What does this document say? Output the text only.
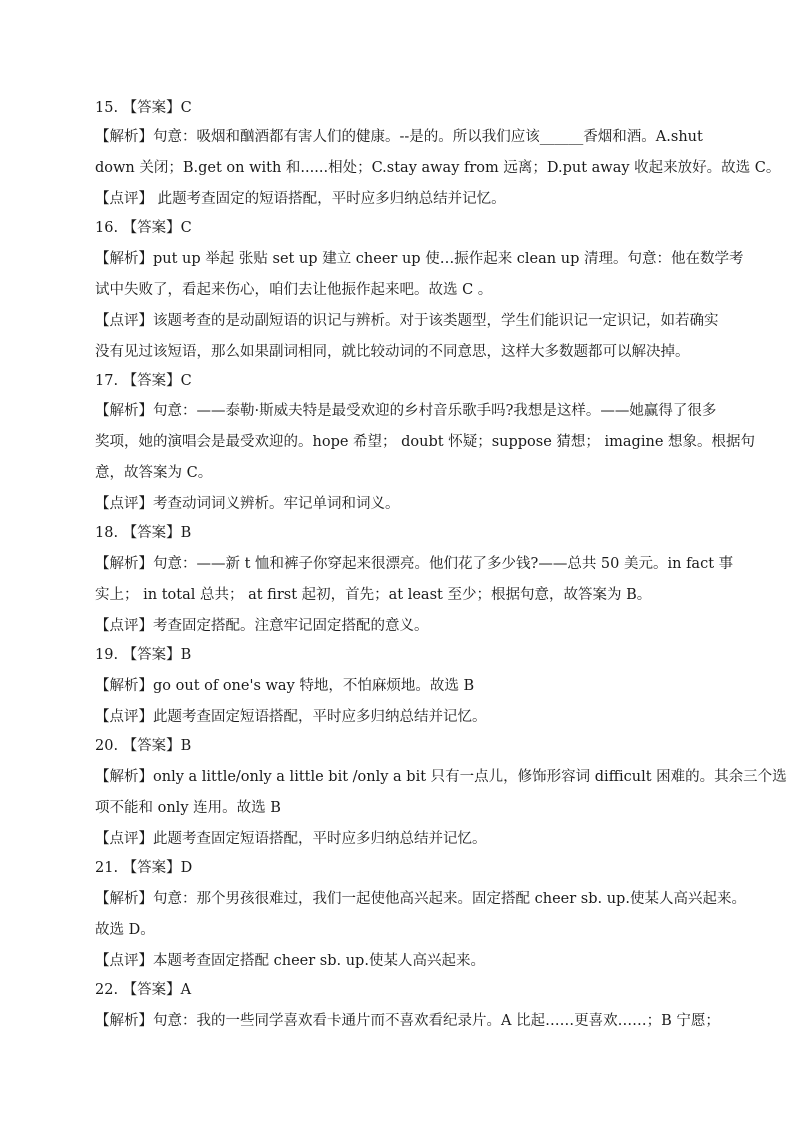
15. 【答案】C
【解析】句意：吸烟和酗酒都有害人们的健康。--是的。所以我们应该______香烟和酒。A.shut
down 关闭；B.get on with 和......相处；C.stay away from 远离；D.put away 收起来放好。故选 C。
【点评】 此题考查固定的短语搭配，平时应多归纳总结并记忆。
16. 【答案】C
【解析】put up 举起 张贴 set up 建立 cheer up 使…振作起来 clean up 清理。句意：他在数学考
试中失败了，看起来伤心，咱们去让他振作起来吧。故选 C 。
【点评】该题考查的是动副短语的识记与辨析。对于该类题型，学生们能识记一定识记，如若确实
没有见过该短语，那么如果副词相同，就比较动词的不同意思，这样大多数题都可以解决掉。
17. 【答案】C
【解析】句意：——泰勒·斯威夫特是最受欢迎的乡村音乐歌手吗?我想是这样。——她赢得了很多
奖项，她的演唱会是最受欢迎的。hope 希望； doubt 怀疑；suppose 猜想； imagine 想象。根据句
意，故答案为 C。
【点评】考查动词词义辨析。牢记单词和词义。
18. 【答案】B
【解析】句意：——新 t 恤和裤子你穿起来很漂亮。他们花了多少钱?——总共 50 美元。in fact 事
实上； in total 总共； at first 起初，首先；at least 至少；根据句意，故答案为 B。
【点评】考查固定搭配。注意牢记固定搭配的意义。
19. 【答案】B
【解析】go out of one's way 特地，不怕麻烦地。故选 B
【点评】此题考查固定短语搭配，平时应多归纳总结并记忆。
20. 【答案】B
【解析】only a little/only a little bit /only a bit 只有一点儿，修饰形容词 difficult 困难的。其余三个选
项不能和 only 连用。故选 B
【点评】此题考查固定短语搭配，平时应多归纳总结并记忆。
21. 【答案】D
【解析】句意：那个男孩很难过，我们一起使他高兴起来。固定搭配 cheer sb. up.使某人高兴起来。
故选 D。
【点评】本题考查固定搭配 cheer sb. up.使某人高兴起来。
22. 【答案】A
【解析】句意：我的一些同学喜欢看卡通片而不喜欢看纪录片。A 比起……更喜欢……；B 宁愿；
